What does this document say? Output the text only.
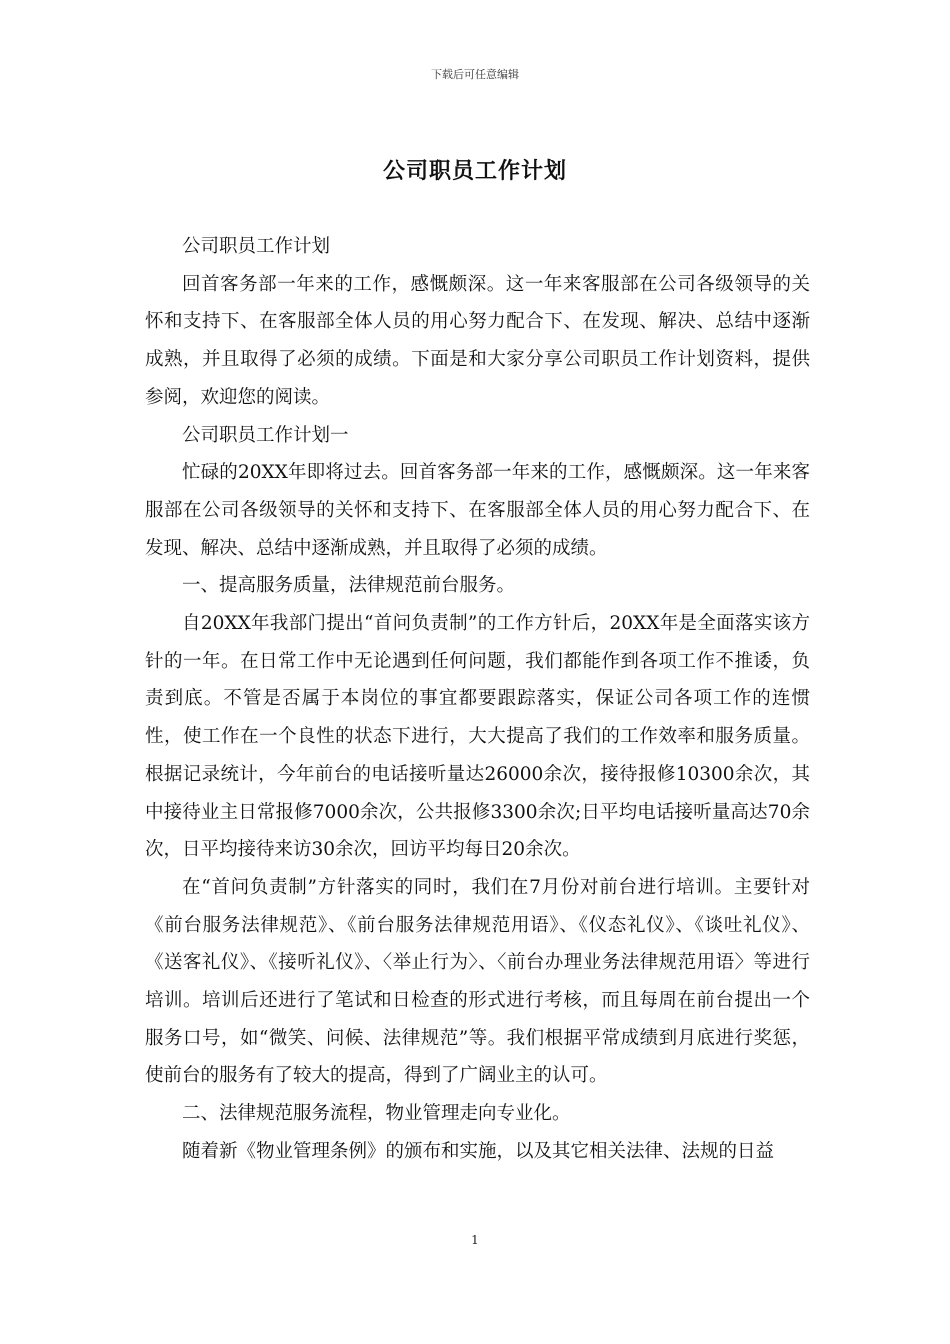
下载后可任意编辑
公司职员工作计划

公司职员工作计划

回首客务部一年来的工作，感慨颇深。这一年来客服部在公司各级领导的关怀和支持下、在客服部全体人员的用心努力配合下、在发现、解决、总结中逐渐成熟，并且取得了必须的成绩。下面是和大家分享公司职员工作计划资料，提供参阅，欢迎您的阅读。

公司职员工作计划一

忙碌的20XX年即将过去。回首客务部一年来的工作，感慨颇深。这一年来客服部在公司各级领导的关怀和支持下、在客服部全体人员的用心努力配合下、在发现、解决、总结中逐渐成熟，并且取得了必须的成绩。

一、提高服务质量，法律规范前台服务。

自20XX年我部门提出“首问负责制”的工作方针后，20XX年是全面落实该方针的一年。在日常工作中无论遇到任何问题，我们都能作到各项工作不推诿，负责到底。不管是否属于本岗位的事宜都要跟踪落实，保证公司各项工作的连惯性，使工作在一个良性的状态下进行，大大提高了我们的工作效率和服务质量。根据记录统计，今年前台的电话接听量达26000余次，接待报修10300余次，其中接待业主日常报修7000余次，公共报修3300余次;日平均电话接听量高达70余次，日平均接待来访30余次，回访平均每日20余次。

在“首问负责制”方针落实的同时，我们在7月份对前台进行培训。主要针对《前台服务法律规范》、《前台服务法律规范用语》、《仪态礼仪》、《谈吐礼仪》、《送客礼仪》、《接听礼仪》、〈举止行为〉、〈前台办理业务法律规范用语〉等进行培训。培训后还进行了笔试和日检查的形式进行考核，而且每周在前台提出一个服务口号，如“微笑、问候、法律规范”等。我们根据平常成绩到月底进行奖惩，使前台的服务有了较大的提高，得到了广阔业主的认可。

二、法律规范服务流程，物业管理走向专业化。

随着新《物业管理条例》的颁布和实施，以及其它相关法律、法规的日益

1
